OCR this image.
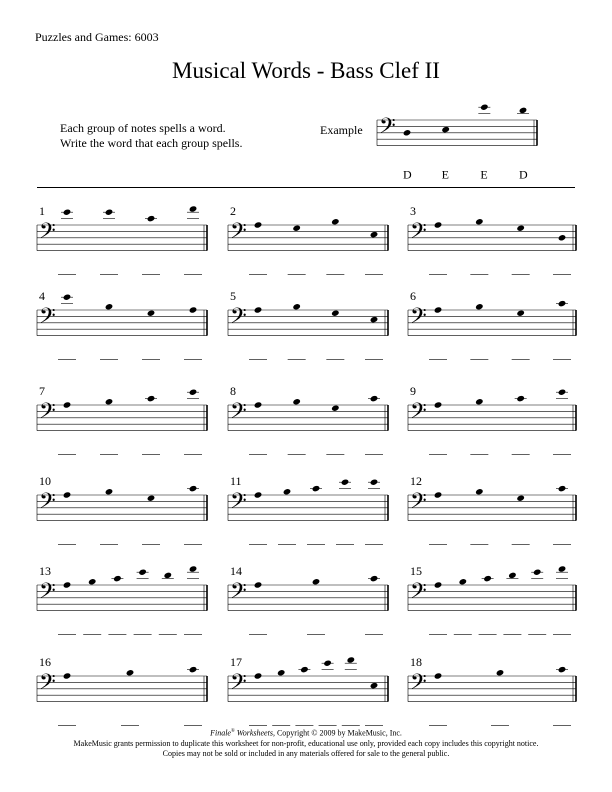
Puzzles and Games: 6003
Musical Words - Bass Clef II
Each group of notes spells a word.
Write the word that each group spells.
Example 𝄢
D E	E	D
1
𝄢
2
𝄢
3
𝄢
4
𝄢
5
𝄢
6
𝄢
7
𝄢
8
𝄢
9
𝄢
10
𝄢
11
𝄢
12
𝄢
13
𝄢
14
𝄢
15
𝄢
16
𝄢
17
𝄢
18
𝄢
Finale® Worksheets, Copyright © 2009 by MakeMusic, Inc.
MakeMusic grants permission to duplicate this worksheet for non-profit, educational use only, provided each copy includes this copyright notice.
Copies may not be sold or included in any materials offered for sale to the general public.
